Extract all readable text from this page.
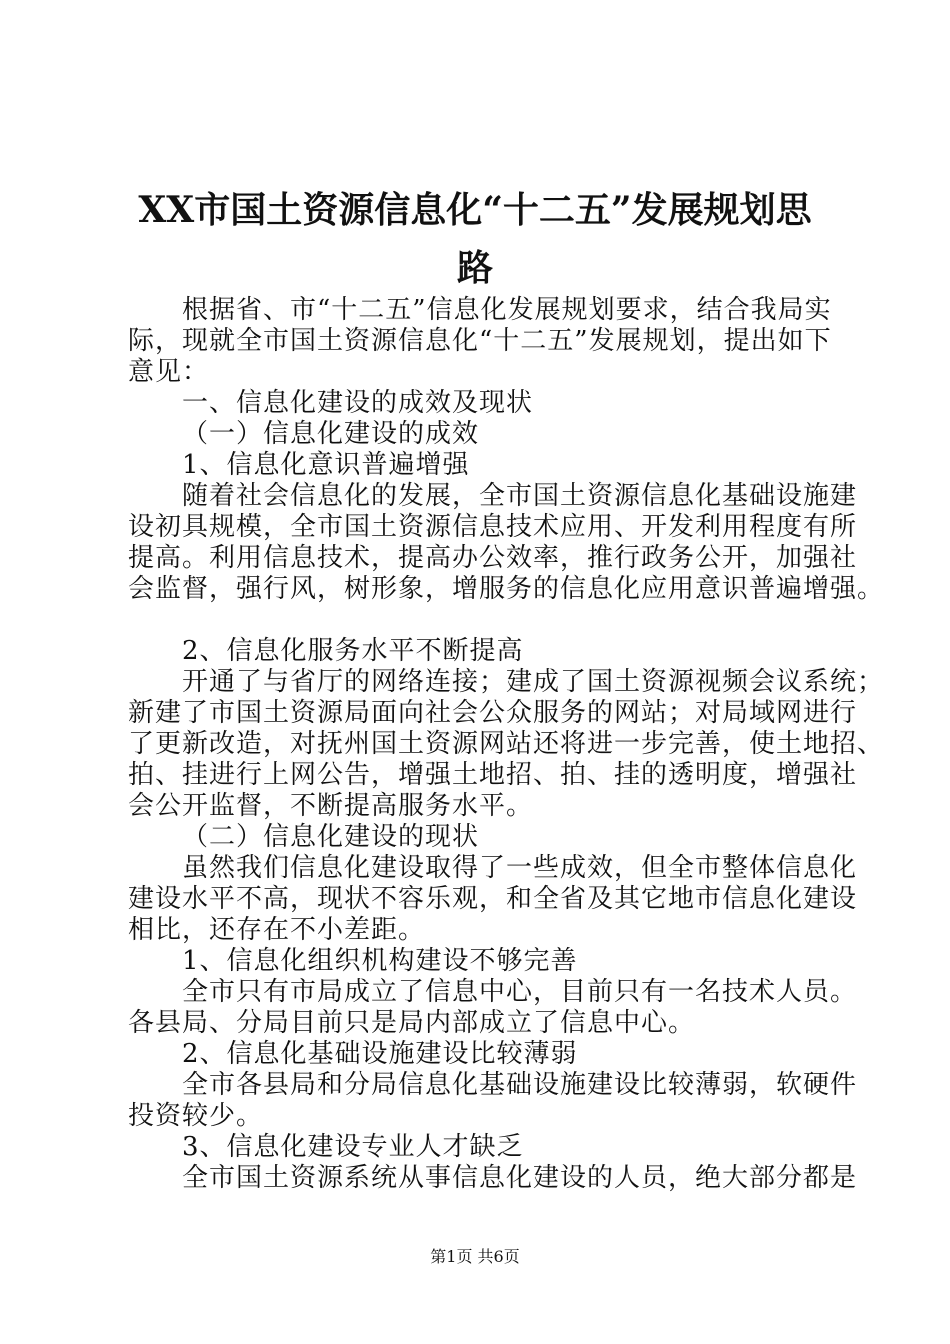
XX市国土资源信息化“十二五”发展规划思
路
根据省、市“十二五”信息化发展规划要求，结合我局实
际，现就全市国土资源信息化“十二五”发展规划，提出如下
意见：
一、信息化建设的成效及现状
（一）信息化建设的成效
1、信息化意识普遍增强
随着社会信息化的发展，全市国土资源信息化基础设施建
设初具规模，全市国土资源信息技术应用、开发利用程度有所
提高。利用信息技术，提高办公效率，推行政务公开，加强社
会监督，强行风，树形象，增服务的信息化应用意识普遍增强。
2、信息化服务水平不断提高
开通了与省厅的网络连接；建成了国土资源视频会议系统；
新建了市国土资源局面向社会公众服务的网站；对局域网进行
了更新改造，对抚州国土资源网站还将进一步完善，使土地招、
拍、挂进行上网公告，增强土地招、拍、挂的透明度，增强社
会公开监督，不断提高服务水平。
（二）信息化建设的现状
虽然我们信息化建设取得了一些成效，但全市整体信息化
建设水平不高，现状不容乐观，和全省及其它地市信息化建设
相比，还存在不小差距。
1、信息化组织机构建设不够完善
全市只有市局成立了信息中心，目前只有一名技术人员。
各县局、分局目前只是局内部成立了信息中心。
2、信息化基础设施建设比较薄弱
全市各县局和分局信息化基础设施建设比较薄弱，软硬件
投资较少。
3、信息化建设专业人才缺乏
全市国土资源系统从事信息化建设的人员，绝大部分都是
第1页 共6页
